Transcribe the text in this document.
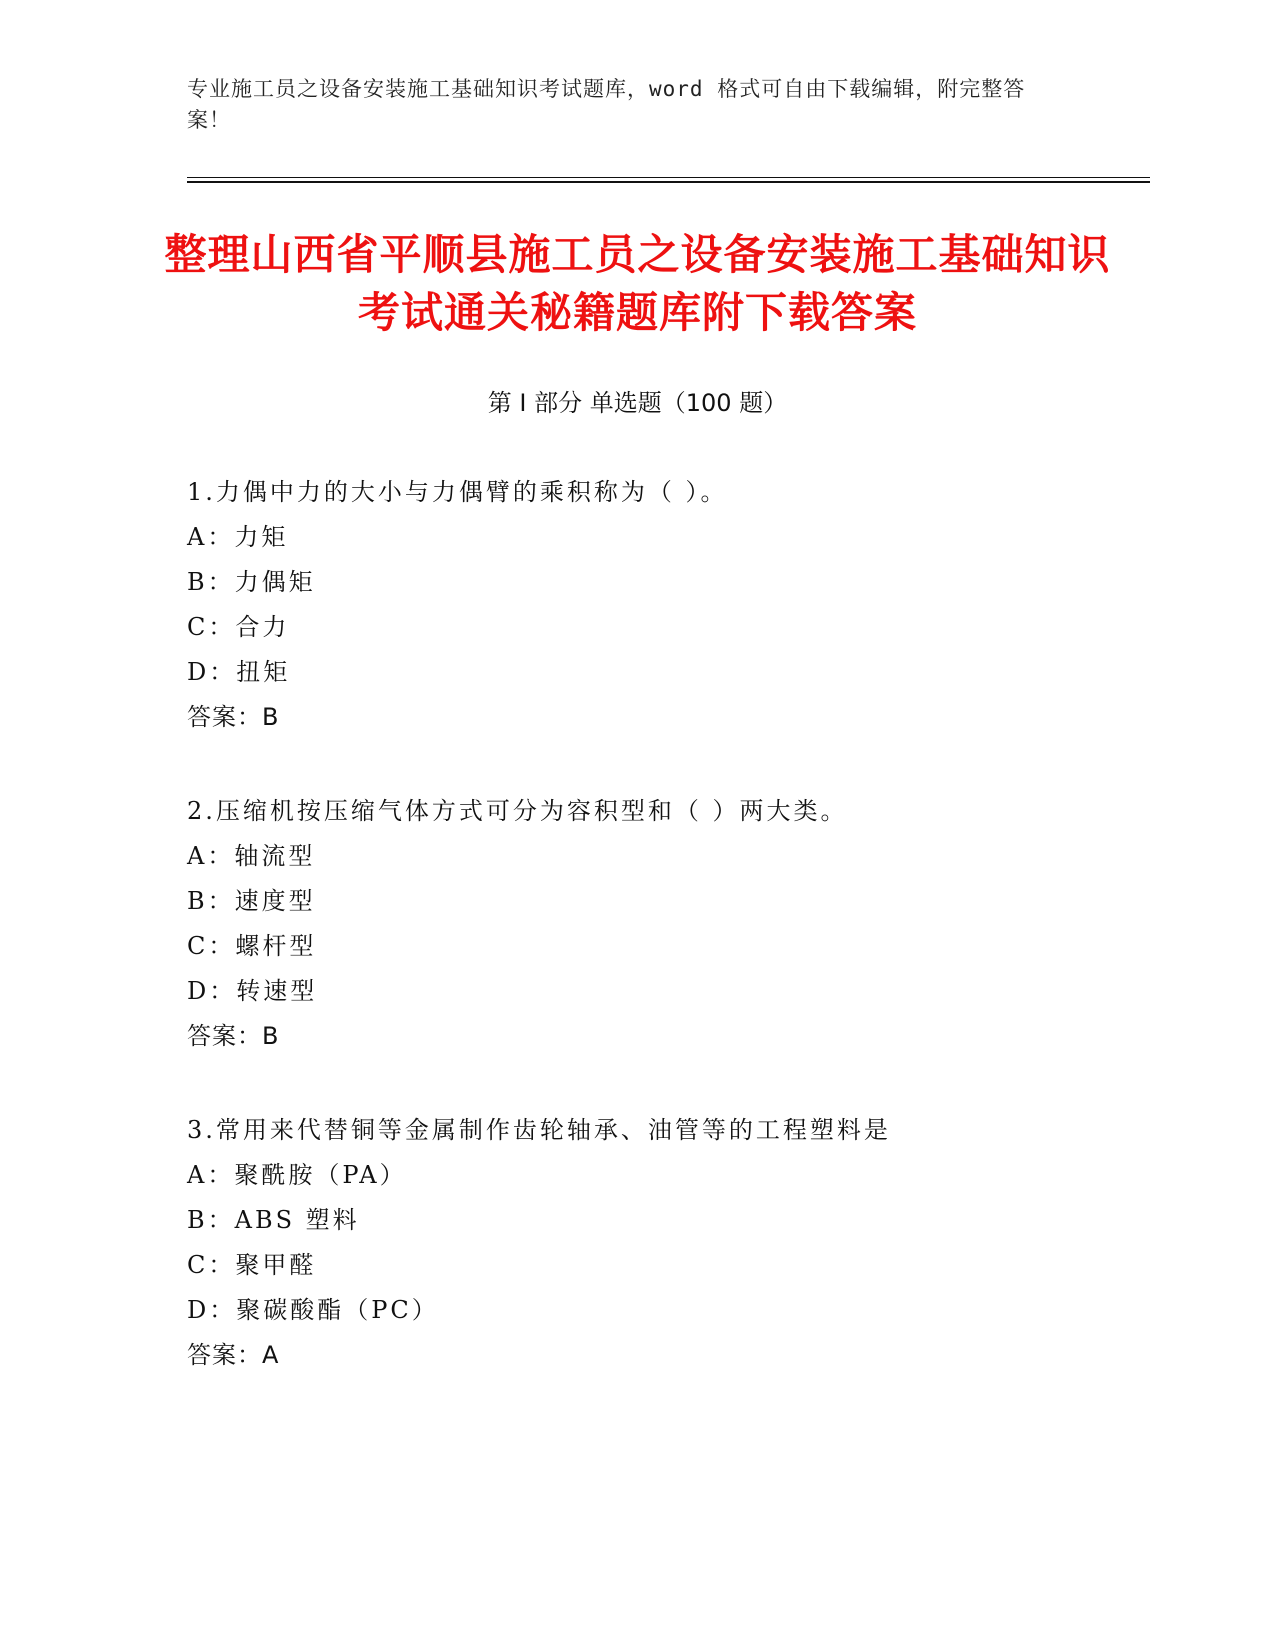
专业施工员之设备安装施工基础知识考试题库，word 格式可自由下载编辑，附完整答案！
整理山西省平顺县施工员之设备安装施工基础知识考试通关秘籍题库附下载答案
第 I 部分 单选题（100 题）
1.力偶中力的大小与力偶臂的乘积称为（ ）。
A：力矩
B：力偶矩
C：合力
D：扭矩
答案：B
2.压缩机按压缩气体方式可分为容积型和（ ）两大类。
A：轴流型
B：速度型
C：螺杆型
D：转速型
答案：B
3.常用来代替铜等金属制作齿轮轴承、油管等的工程塑料是
A：聚酰胺（PA）
B：ABS 塑料
C：聚甲醛
D：聚碳酸酯（PC）
答案：A
